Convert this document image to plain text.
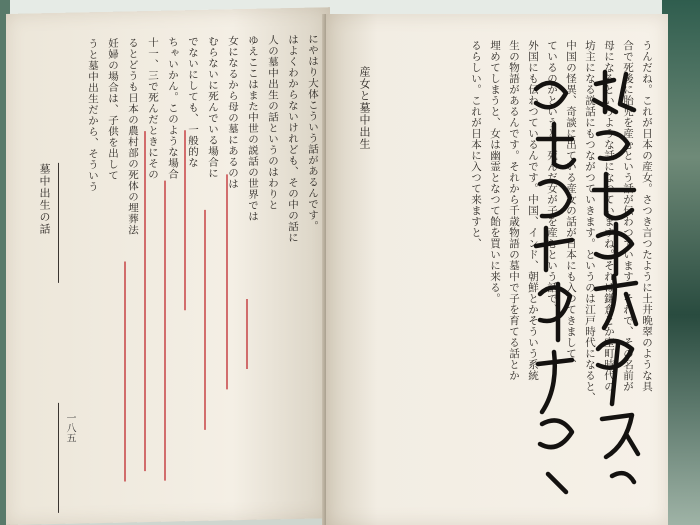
にやはり大体こういう話があるんです。
はよくわからないけれども、その中の話に
人の墓中出生の話というのはわりと
ゆえここはまた中世の説話の世界では
女になるから母の墓にあるのは
むらないに死んでいる場合に
でないにしても、一般的な
ちゃいかん。このような場合
十一、三で死んだときにその
るとどうも日本の農村部の死体の埋葬法
妊婦の場合は、子供を出して
うと墓中出生だから、そういう
墓中出生の話
一八五
うんだね。これが日本の産女。さつき言つたように土井晩翠のような具
合で死後に胎児を産むという話が伝わつています。それで、その名前が
母になるというような話になつていますね。それは鎌倉とか室町時代の
坊主になる説話にもつながつていきます。というのは江戸時代になると、
中国の怪異、奇談に出ている産女の話が日本にも入つてきまして、
ているのかというと、死んだ女が子を産むという話で、
外国にも伝わつているんです。中国、インド、朝鮮とかそういう系統
生の物語があるんです。それから千歳物語の墓中で子を育てる話とか
埋めてしまうと、女は幽霊となつて飴を買いに来る。
るらしい。これが日本に入つて来ますと、
産女と墓中出生
